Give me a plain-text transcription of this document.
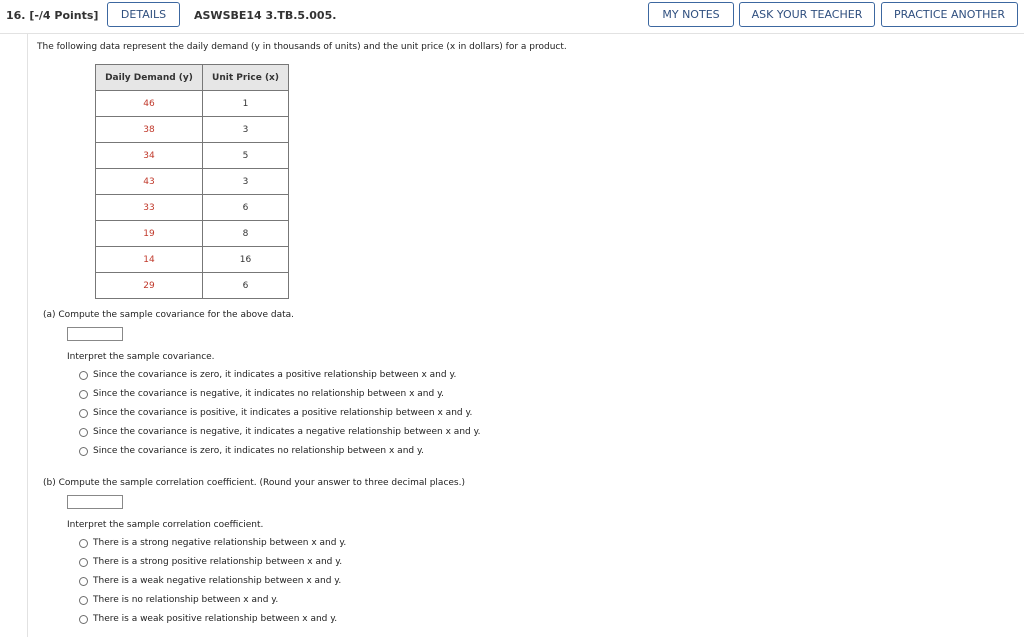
16. [-/4 Points]	DETAILS	ASWSBE14 3.TB.5.005.	MY NOTES	ASK YOUR TEACHER	PRACTICE ANOTHER
The following data represent the daily demand (y in thousands of units) and the unit price (x in dollars) for a product.
Daily Demand (y)	Unit Price (x)
46	1
38	3
34	5
43	3
33	6
19	8
14	16
29	6
(a) Compute the sample covariance for the above data.
Interpret the sample covariance.
Since the covariance is zero, it indicates a positive relationship between x and y.
Since the covariance is negative, it indicates no relationship between x and y.
Since the covariance is positive, it indicates a positive relationship between x and y.
Since the covariance is negative, it indicates a negative relationship between x and y.
Since the covariance is zero, it indicates no relationship between x and y.
(b) Compute the sample correlation coefficient. (Round your answer to three decimal places.)
Interpret the sample correlation coefficient.
There is a strong negative relationship between x and y.
There is a strong positive relationship between x and y.
There is a weak negative relationship between x and y.
There is no relationship between x and y.
There is a weak positive relationship between x and y.
